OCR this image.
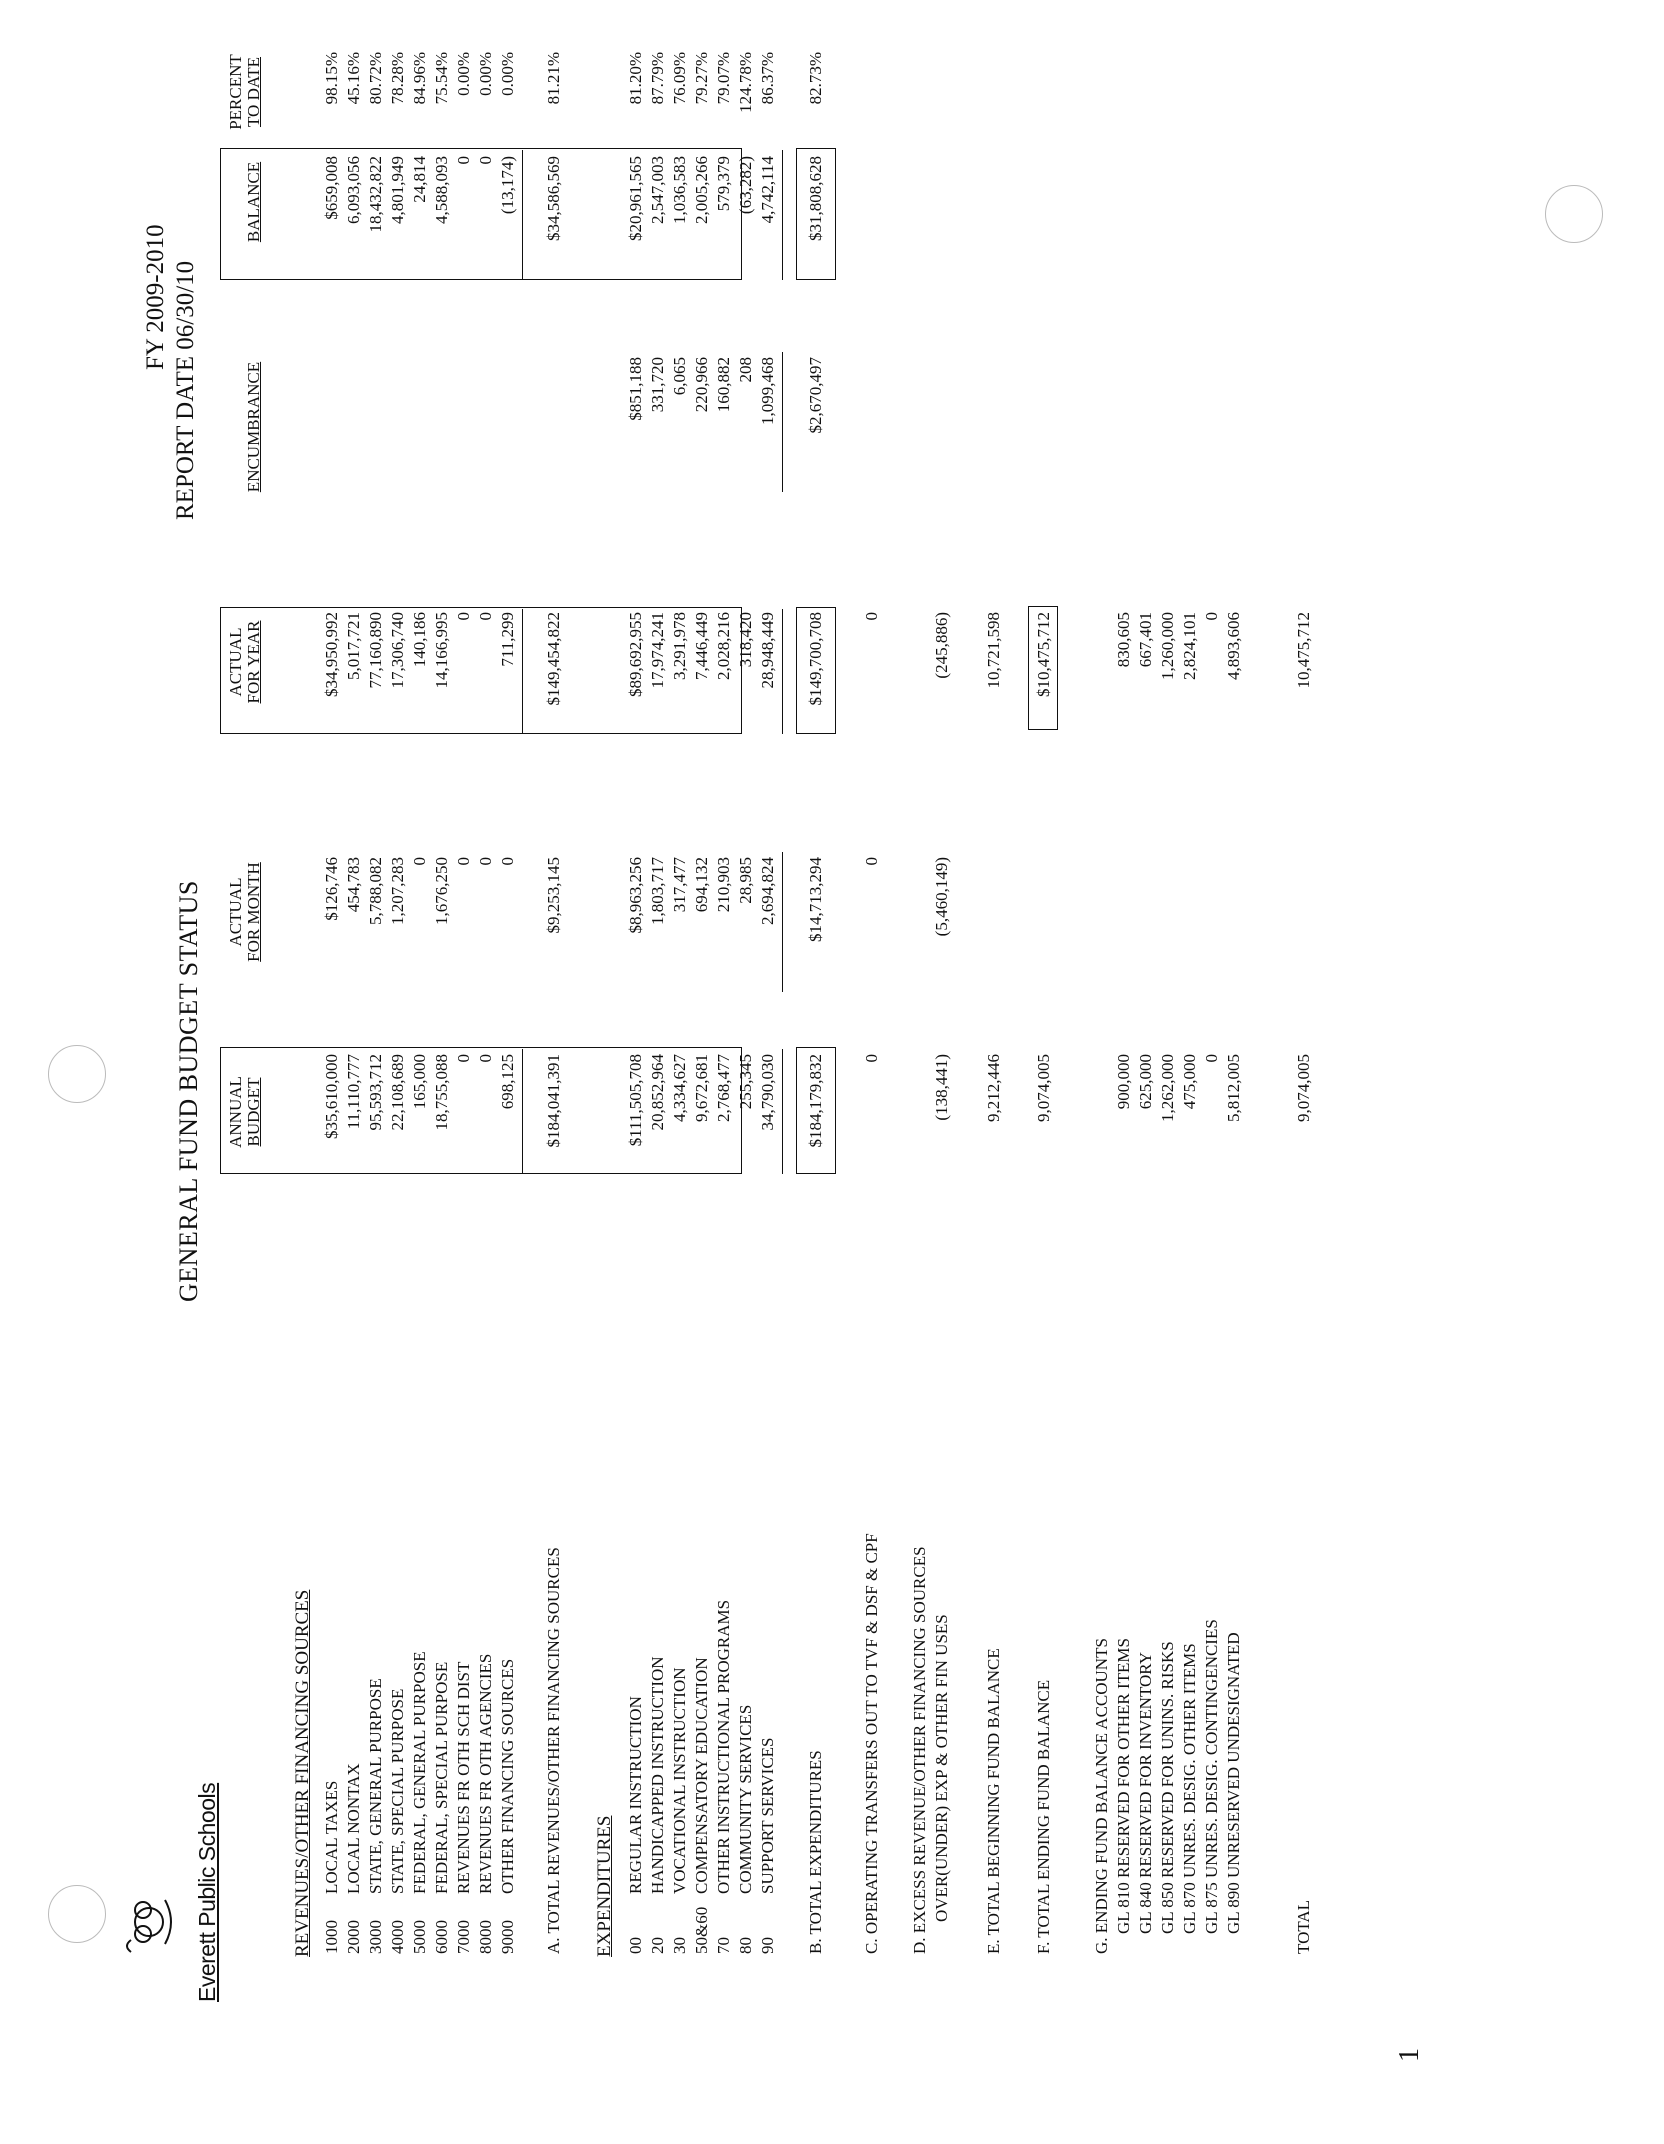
Everett Public Schools
GENERAL FUND BUDGET STATUS
FY 2009-2010 REPORT DATE 06/30/10
ANNUAL BUDGET
ACTUAL FOR MONTH
ACTUAL FOR YEAR
ENCUMBRANCE
BALANCE
PERCENT TO DATE
REVENUES/OTHER FINANCING SOURCES 1000
LOCAL TAXES
$35,610,000
$126,746
$34,950,992
$659,008
98.15%
2000
LOCAL NONTAX
11,110,777
454,783
5,017,721
6,093,056
45.16%
3000
STATE, GENERAL PURPOSE
95,593,712
5,788,082
77,160,890
18,432,822
80.72%
4000
STATE, SPECIAL PURPOSE
22,108,689
1,207,283
17,306,740
4,801,949
78.28%
5000
FEDERAL, GENERAL PURPOSE
165,000
0
140,186
24,814
84.96%
6000
FEDERAL, SPECIAL PURPOSE
18,755,088
1,676,250
14,166,995
4,588,093
75.54%
7000
REVENUES FR OTH SCH DIST
0
0
0
0
0.00%
8000
REVENUES FR OTH AGENCIES
0
0
0
0
0.00%
9000
OTHER FINANCING SOURCES
698,125
0
711,299
(13,174)
0.00%
A. TOTAL REVENUES/OTHER FINANCING SOURCES
$184,041,391
$9,253,145
$149,454,822
$34,586,569
81.21%
EXPENDITURES 00
REGULAR INSTRUCTION
$111,505,708
$8,963,256
$89,692,955
$851,188
$20,961,565
81.20%
20
HANDICAPPED INSTRUCTION
20,852,964
1,803,717
17,974,241
331,720
2,547,003
87.79%
30
VOCATIONAL INSTRUCTION
4,334,627
317,477
3,291,978
6,065
1,036,583
76.09%
50&60
COMPENSATORY EDUCATION
9,672,681
694,132
7,446,449
220,966
2,005,266
79.27%
70
OTHER INSTRUCTIONAL PROGRAMS
2,768,477
210,903
2,028,216
160,882
579,379
79.07%
80
COMMUNITY SERVICES
255,345
28,985
318,420
208
(63,282)
124.78%
90
SUPPORT SERVICES
34,790,030
2,694,824
28,948,449
1,099,468
4,742,114
86.37%
B. TOTAL EXPENDITURES
$184,179,832
$14,713,294
$149,700,708
$2,670,497
$31,808,628
82.73%
C. OPERATING TRANSFERS OUT TO TVF & DSF & CPF
0
0
0
D. EXCESS REVENUE/OTHER FINANCING SOURCES OVER(UNDER) EXP & OTHER FIN USES
(138,441)
(5,460,149)
(245,886)
E. TOTAL BEGINNING FUND BALANCE
9,212,446
10,721,598
F. TOTAL ENDING FUND BALANCE
9,074,005
$10,475,712
G. ENDING FUND BALANCE ACCOUNTS GL 810 RESERVED FOR OTHER ITEMS
900,000
830,605
GL 840 RESERVED FOR INVENTORY
625,000
667,401
GL 850 RESERVED FOR UNINS. RISKS
1,262,000
1,260,000
GL 870 UNRES. DESIG. OTHER ITEMS
475,000
2,824,101
GL 875 UNRES. DESIG. CONTINGENCIES
0
0
GL 890 UNRESERVED UNDESIGNATED
5,812,005
4,893,606
TOTAL
9,074,005
10,475,712
1
